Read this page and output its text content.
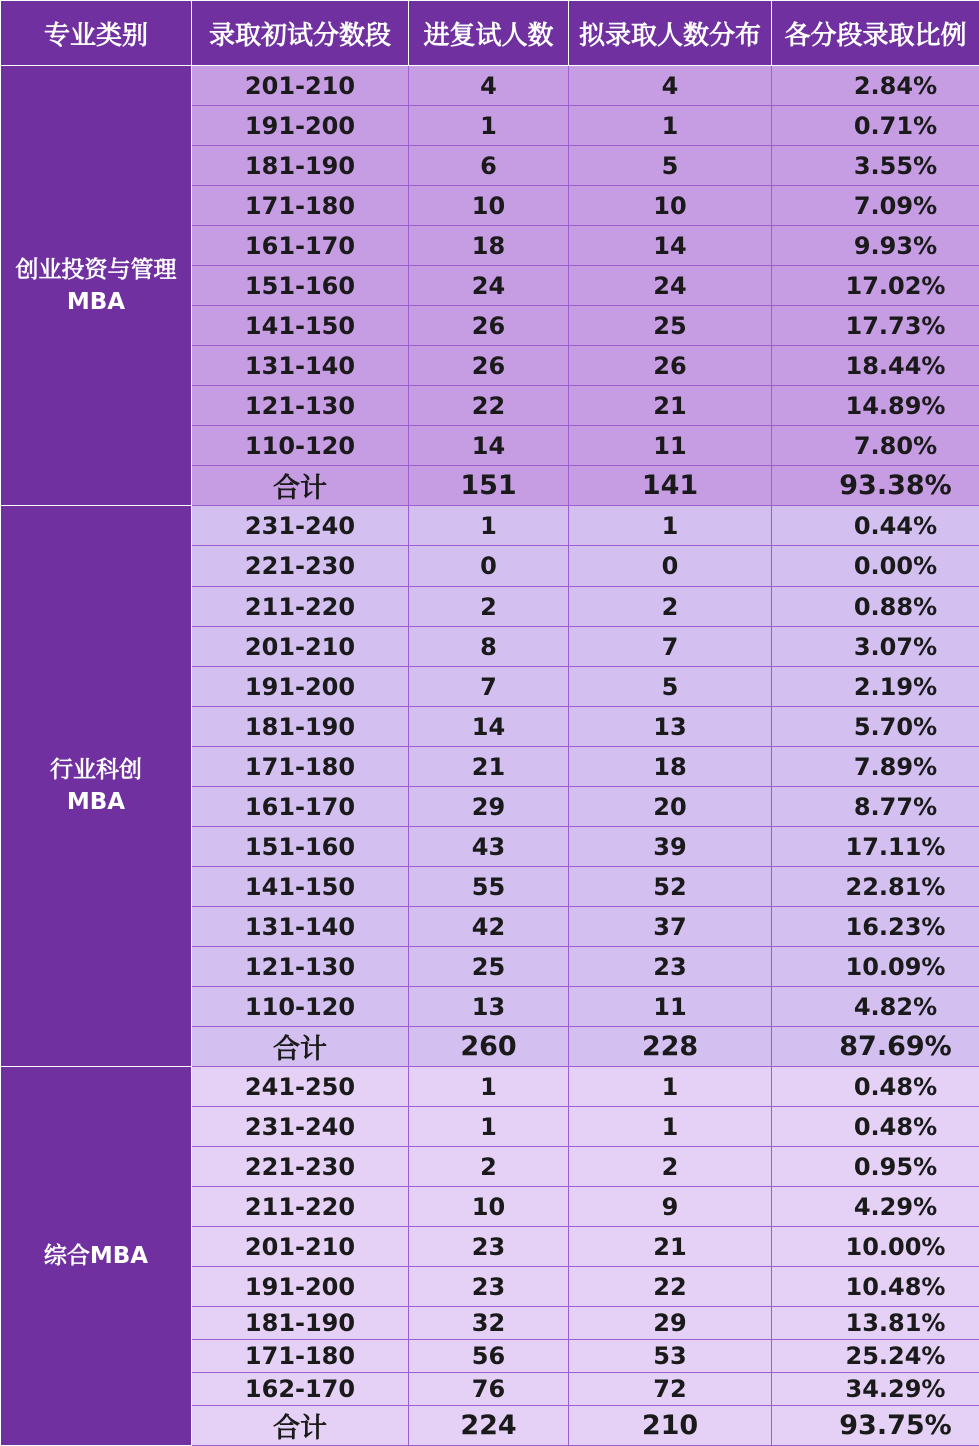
专业类别	录取初试分数段	进复试人数	拟录取人数分布	各分段录取比例

创业投资与管理
MBA	201-210	4	4	2.84%
	191-200	1	1	0.71%
	181-190	6	5	3.55%
	171-180	10	10	7.09%
	161-170	18	14	9.93%
	151-160	24	24	17.02%
	141-150	26	25	17.73%
	131-140	26	26	18.44%
	121-130	22	21	14.89%
	110-120	14	11	7.80%
	合计	151	141	93.38%

行业科创
MBA	231-240	1	1	0.44%
	221-230	0	0	0.00%
	211-220	2	2	0.88%
	201-210	8	7	3.07%
	191-200	7	5	2.19%
	181-190	14	13	5.70%
	171-180	21	18	7.89%
	161-170	29	20	8.77%
	151-160	43	39	17.11%
	141-150	55	52	22.81%
	131-140	42	37	16.23%
	121-130	25	23	10.09%
	110-120	13	11	4.82%
	合计	260	228	87.69%

综合MBA	241-250	1	1	0.48%
	231-240	1	1	0.48%
	221-230	2	2	0.95%
	211-220	10	9	4.29%
	201-210	23	21	10.00%
	191-200	23	22	10.48%
	181-190	32	29	13.81%
	171-180	56	53	25.24%
	162-170	76	72	34.29%
	合计	224	210	93.75%
